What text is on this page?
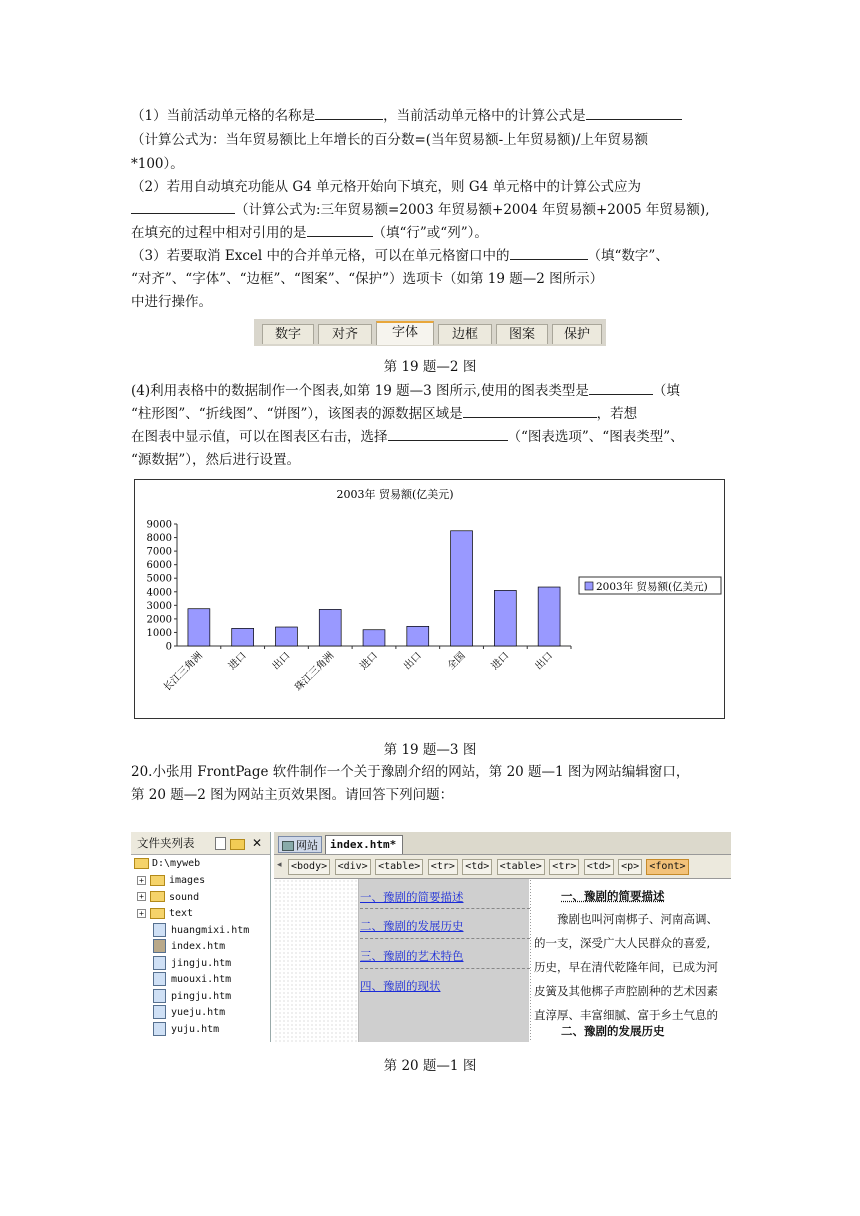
（1）当前活动单元格的名称是	，当前活动单元格中的计算公式是
（计算公式为：当年贸易额比上年增长的百分数=(当年贸易额-上年贸易额)/上年贸易额
*100）。
（2）若用自动填充功能从 G4 单元格开始向下填充，则 G4 单元格中的计算公式应为
（计算公式为:三年贸易额=2003 年贸易额+2004 年贸易额+2005 年贸易额),
在填充的过程中相对引用的是	（填“行”或“列”）。
（3）若要取消 Excel 中的合并单元格，可以在单元格窗口中的	（填“数字”、
“对齐”、“字体”、“边框”、“图案”、“保护”）选项卡（如第 19 题—2 图所示）
中进行操作。
数字	对齐	字体	边框	图案	保护
第 19 题—2 图
(4)利用表格中的数据制作一个图表,如第 19 题—3 图所示,使用的图表类型是	（填
“柱形图”、“折线图”、“饼图”），该图表的源数据区域是	，若想
在图表中显示值，可以在图表区右击，选择	（“图表选项”、“图表类型”、
“源数据”），然后进行设置。
2003年 贸易额(亿美元)
0
1000
2000
3000
4000
5000
6000
7000
8000
9000
长江三角洲 进口 出口 珠江三角洲 进口 出口 全国 进口 出口
2003年 贸易额(亿美元)
第 19 题—3 图
20.小张用 FrontPage 软件制作一个关于豫剧介绍的网站，第 20 题—1 图为网站编辑窗口，
第 20 题—2 图为网站主页效果图。请回答下列问题：
文件夹列表	✕
D:\myweb
+	images
+	sound
+	text
huangmixi.htm
index.htm
jingju.htm
muouxi.htm
pingju.htm
yueju.htm
yuju.htm
网站	index.htm*
◂ <body>	<div>	<table>	<tr>	<td>	<table>	<tr>	<td>	<p>	<font>
一、豫剧的简要描述
二、豫剧的发展历史
三、豫剧的艺术特色
四、豫剧的现状
一、豫剧的简要描述
豫剧也叫河南梆子、河南高调、
的一支，深受广大人民群众的喜爱,
历史，早在清代乾隆年间，已成为河
皮簧及其他梆子声腔剧种的艺术因素
直淳厚、丰富细腻、富于乡土气息的
二、豫剧的发展历史
第 20 题—1 图
